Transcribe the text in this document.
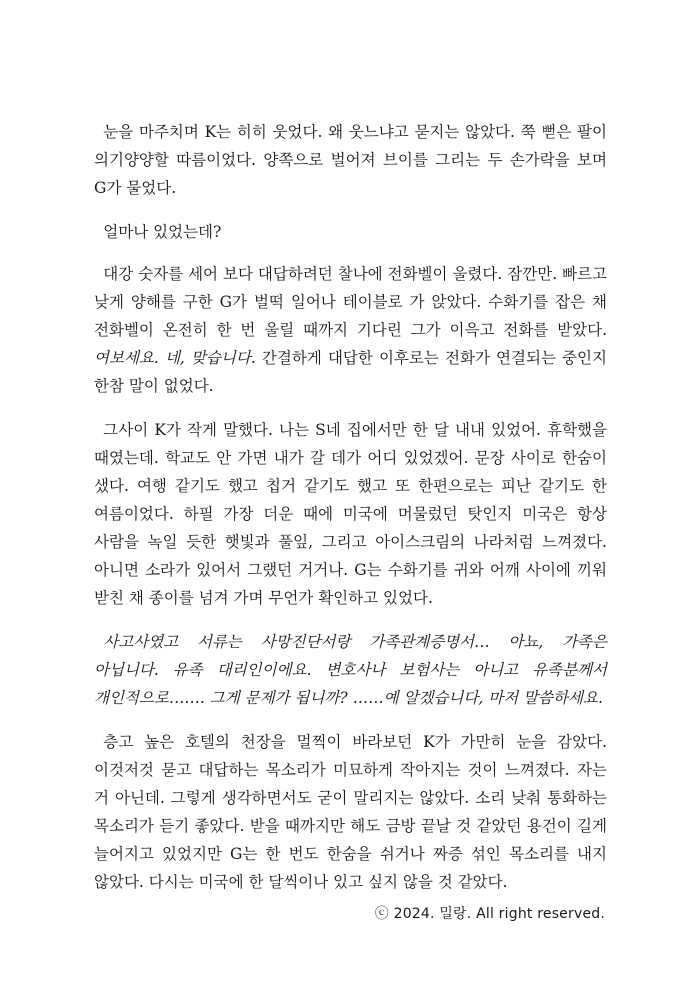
눈을 마주치며 K는 히히 웃었다. 왜 웃느냐고 묻지는 않았다. 쭉 뻗은 팔이 의기양양할 따름이었다. 양쪽으로 벌어져 브이를 그리는 두 손가락을 보며 G가 물었다.

얼마나 있었는데?

대강 숫자를 세어 보다 대답하려던 찰나에 전화벨이 울렸다. 잠깐만. 빠르고 낮게 양해를 구한 G가 벌떡 일어나 테이블로 가 앉았다. 수화기를 잡은 채 전화벨이 온전히 한 번 울릴 때까지 기다린 그가 이윽고 전화를 받았다. 여보세요. 네, 맞습니다. 간결하게 대답한 이후로는 전화가 연결되는 중인지 한참 말이 없었다.

그사이 K가 작게 말했다. 나는 S네 집에서만 한 달 내내 있었어. 휴학했을 때였는데. 학교도 안 가면 내가 갈 데가 어디 있었겠어. 문장 사이로 한숨이 샜다. 여행 같기도 했고 칩거 같기도 했고 또 한편으로는 피난 같기도 한 여름이었다. 하필 가장 더운 때에 미국에 머물렀던 탓인지 미국은 항상 사람을 녹일 듯한 햇빛과 풀잎, 그리고 아이스크림의 나라처럼 느껴졌다. 아니면 소라가 있어서 그랬던 거거나. G는 수화기를 귀와 어깨 사이에 끼워 받친 채 종이를 넘겨 가며 무언가 확인하고 있었다.

사고사였고 서류는 사망진단서랑 가족관계증명서… 아뇨, 가족은 아닙니다. 유족 대리인이에요. 변호사나 보험사는 아니고 유족분께서 개인적으로……. 그게 문제가 됩니까? ……예 알겠습니다, 마저 말씀하세요.

층고 높은 호텔의 천장을 멀찍이 바라보던 K가 가만히 눈을 감았다. 이것저것 묻고 대답하는 목소리가 미묘하게 작아지는 것이 느껴졌다. 자는 거 아닌데. 그렇게 생각하면서도 굳이 말리지는 않았다. 소리 낮춰 통화하는 목소리가 듣기 좋았다. 받을 때까지만 해도 금방 끝날 것 같았던 용건이 길게 늘어지고 있었지만 G는 한 번도 한숨을 쉬거나 짜증 섞인 목소리를 내지 않았다. 다시는 미국에 한 달씩이나 있고 싶지 않을 것 같았다.

ⓒ 2024. 밀랑. All right reserved.
